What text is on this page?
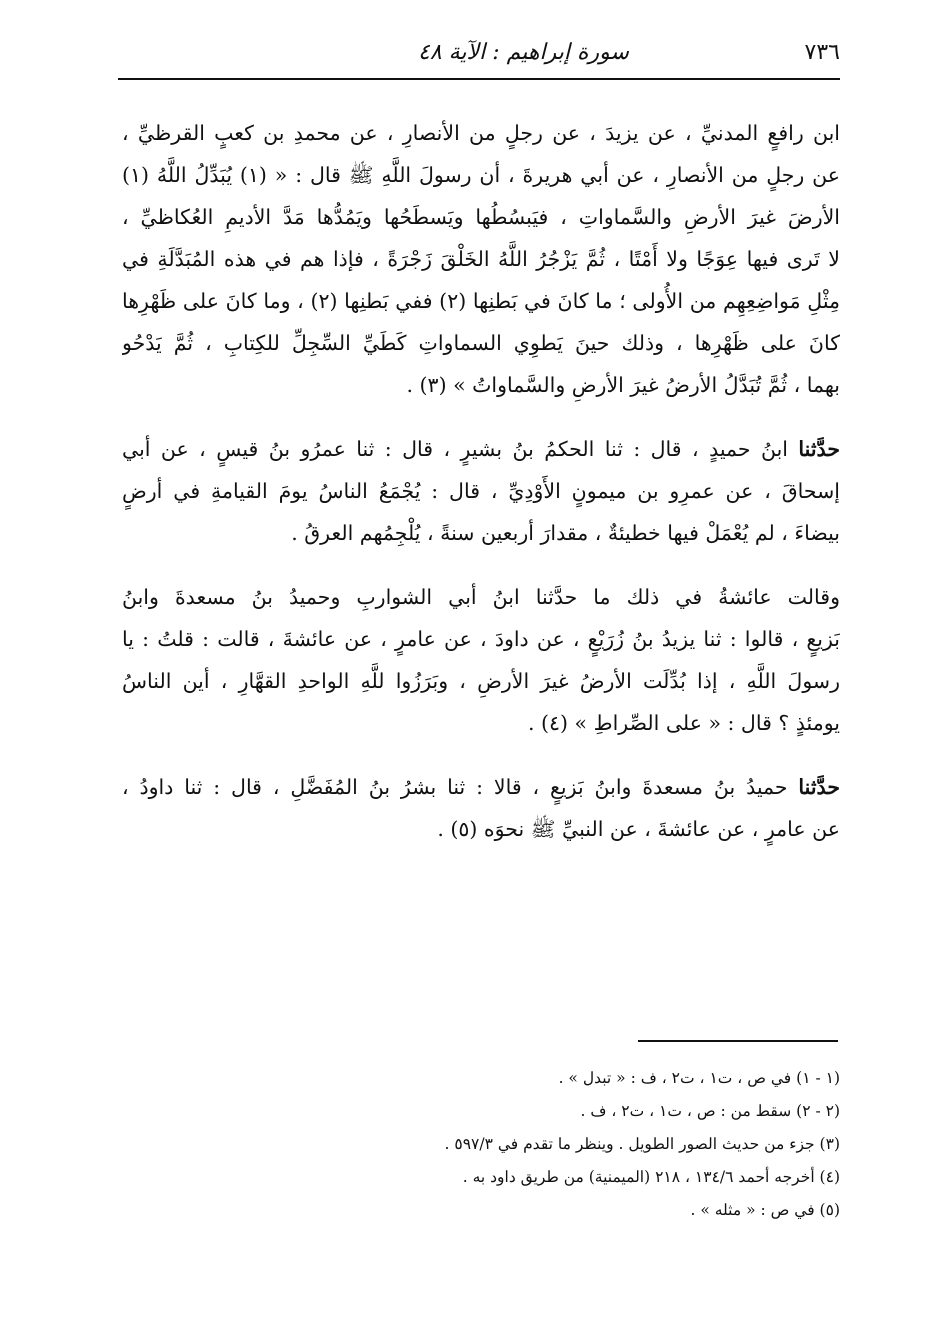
٧٣٦
سورة إبراهيم : الآية ٤٨
ابن رافعٍ المدنيِّ ، عن يزيدَ ، عن رجلٍ من الأنصارِ ، عن محمدِ بن كعبٍ القرظيِّ ،
عن رجلٍ من الأنصارِ ، عن أبي هريرةَ ، أن رسولَ اللَّهِ ﷺ قال : « (١) يُبَدِّلُ اللَّهُ (١)
الأرضَ غيرَ الأرضِ والسَّماواتِ ، فيَبسُطُها ويَسطَحُها ويَمُدُّها مَدَّ الأديمِ العُكاظيِّ ،
لا تَرى فيها عِوَجًا ولا أَمْتًا ، ثُمَّ يَزْجُرُ اللَّهُ الخَلْقَ زَجْرَةً ، فإذا هم في هذه المُبَدَّلَةِ في
مِثْلِ مَواضِعِهِم من الأُولى ؛ ما كانَ في بَطنِها (٢) ففي بَطنِها (٢) ، وما كانَ على ظَهْرِها
كانَ على ظَهْرِها ، وذلك حينَ يَطوِي السماواتِ كَطَيِّ السِّجِلِّ للكِتابِ ، ثُمَّ يَدْحُو
بهما ، ثُمَّ تُبَدَّلُ الأرضُ غيرَ الأرضِ والسَّماواتُ » (٣) .
حدَّثنا ابنُ حميدٍ ، قال : ثنا الحكمُ بنُ بشيرٍ ، قال : ثنا عمرُو بنُ قيسٍ ، عن أبي
إسحاقَ ، عن عمرِو بن ميمونٍ الأَوْدِيِّ ، قال : يُجْمَعُ الناسُ يومَ القيامةِ في أرضٍ
بيضاءَ ، لم يُعْمَلْ فيها خطيئةٌ ، مقدارَ أربعين سنةً ، يُلْجِمُهم العرقُ .
وقالت عائشةُ في ذلك ما حدَّثنا ابنُ أبي الشواربِ وحميدُ بنُ مسعدةَ وابنُ
بَزيعٍ ، قالوا : ثنا يزيدُ بنُ زُرَيْعٍ ، عن داودَ ، عن عامرٍ ، عن عائشةَ ، قالت : قلتُ : يا
رسولَ اللَّهِ ، إذا بُدِّلَت الأرضُ غيرَ الأرضِ ، وبَرَزُوا للَّهِ الواحدِ القهَّارِ ، أين الناسُ
يومئذٍ ؟ قال : « على الصِّراطِ » (٤) .
حدَّثنا حميدُ بنُ مسعدةَ وابنُ بَزيعٍ ، قالا : ثنا بشرُ بنُ المُفَضَّلِ ، قال : ثنا داودُ ،
عن عامرٍ ، عن عائشةَ ، عن النبيِّ ﷺ نحوَه (٥) .
(١ - ١) في ص ، ت١ ، ت٢ ، ف : « تبدل » .
(٢ - ٢) سقط من : ص ، ت١ ، ت٢ ، ف .
(٣) جزء من حديث الصور الطويل . وينظر ما تقدم في ٥٩٧/٣ .
(٤) أخرجه أحمد ١٣٤/٦ ، ٢١٨ (الميمنية) من طريق داود به .
(٥) في ص : « مثله » .
